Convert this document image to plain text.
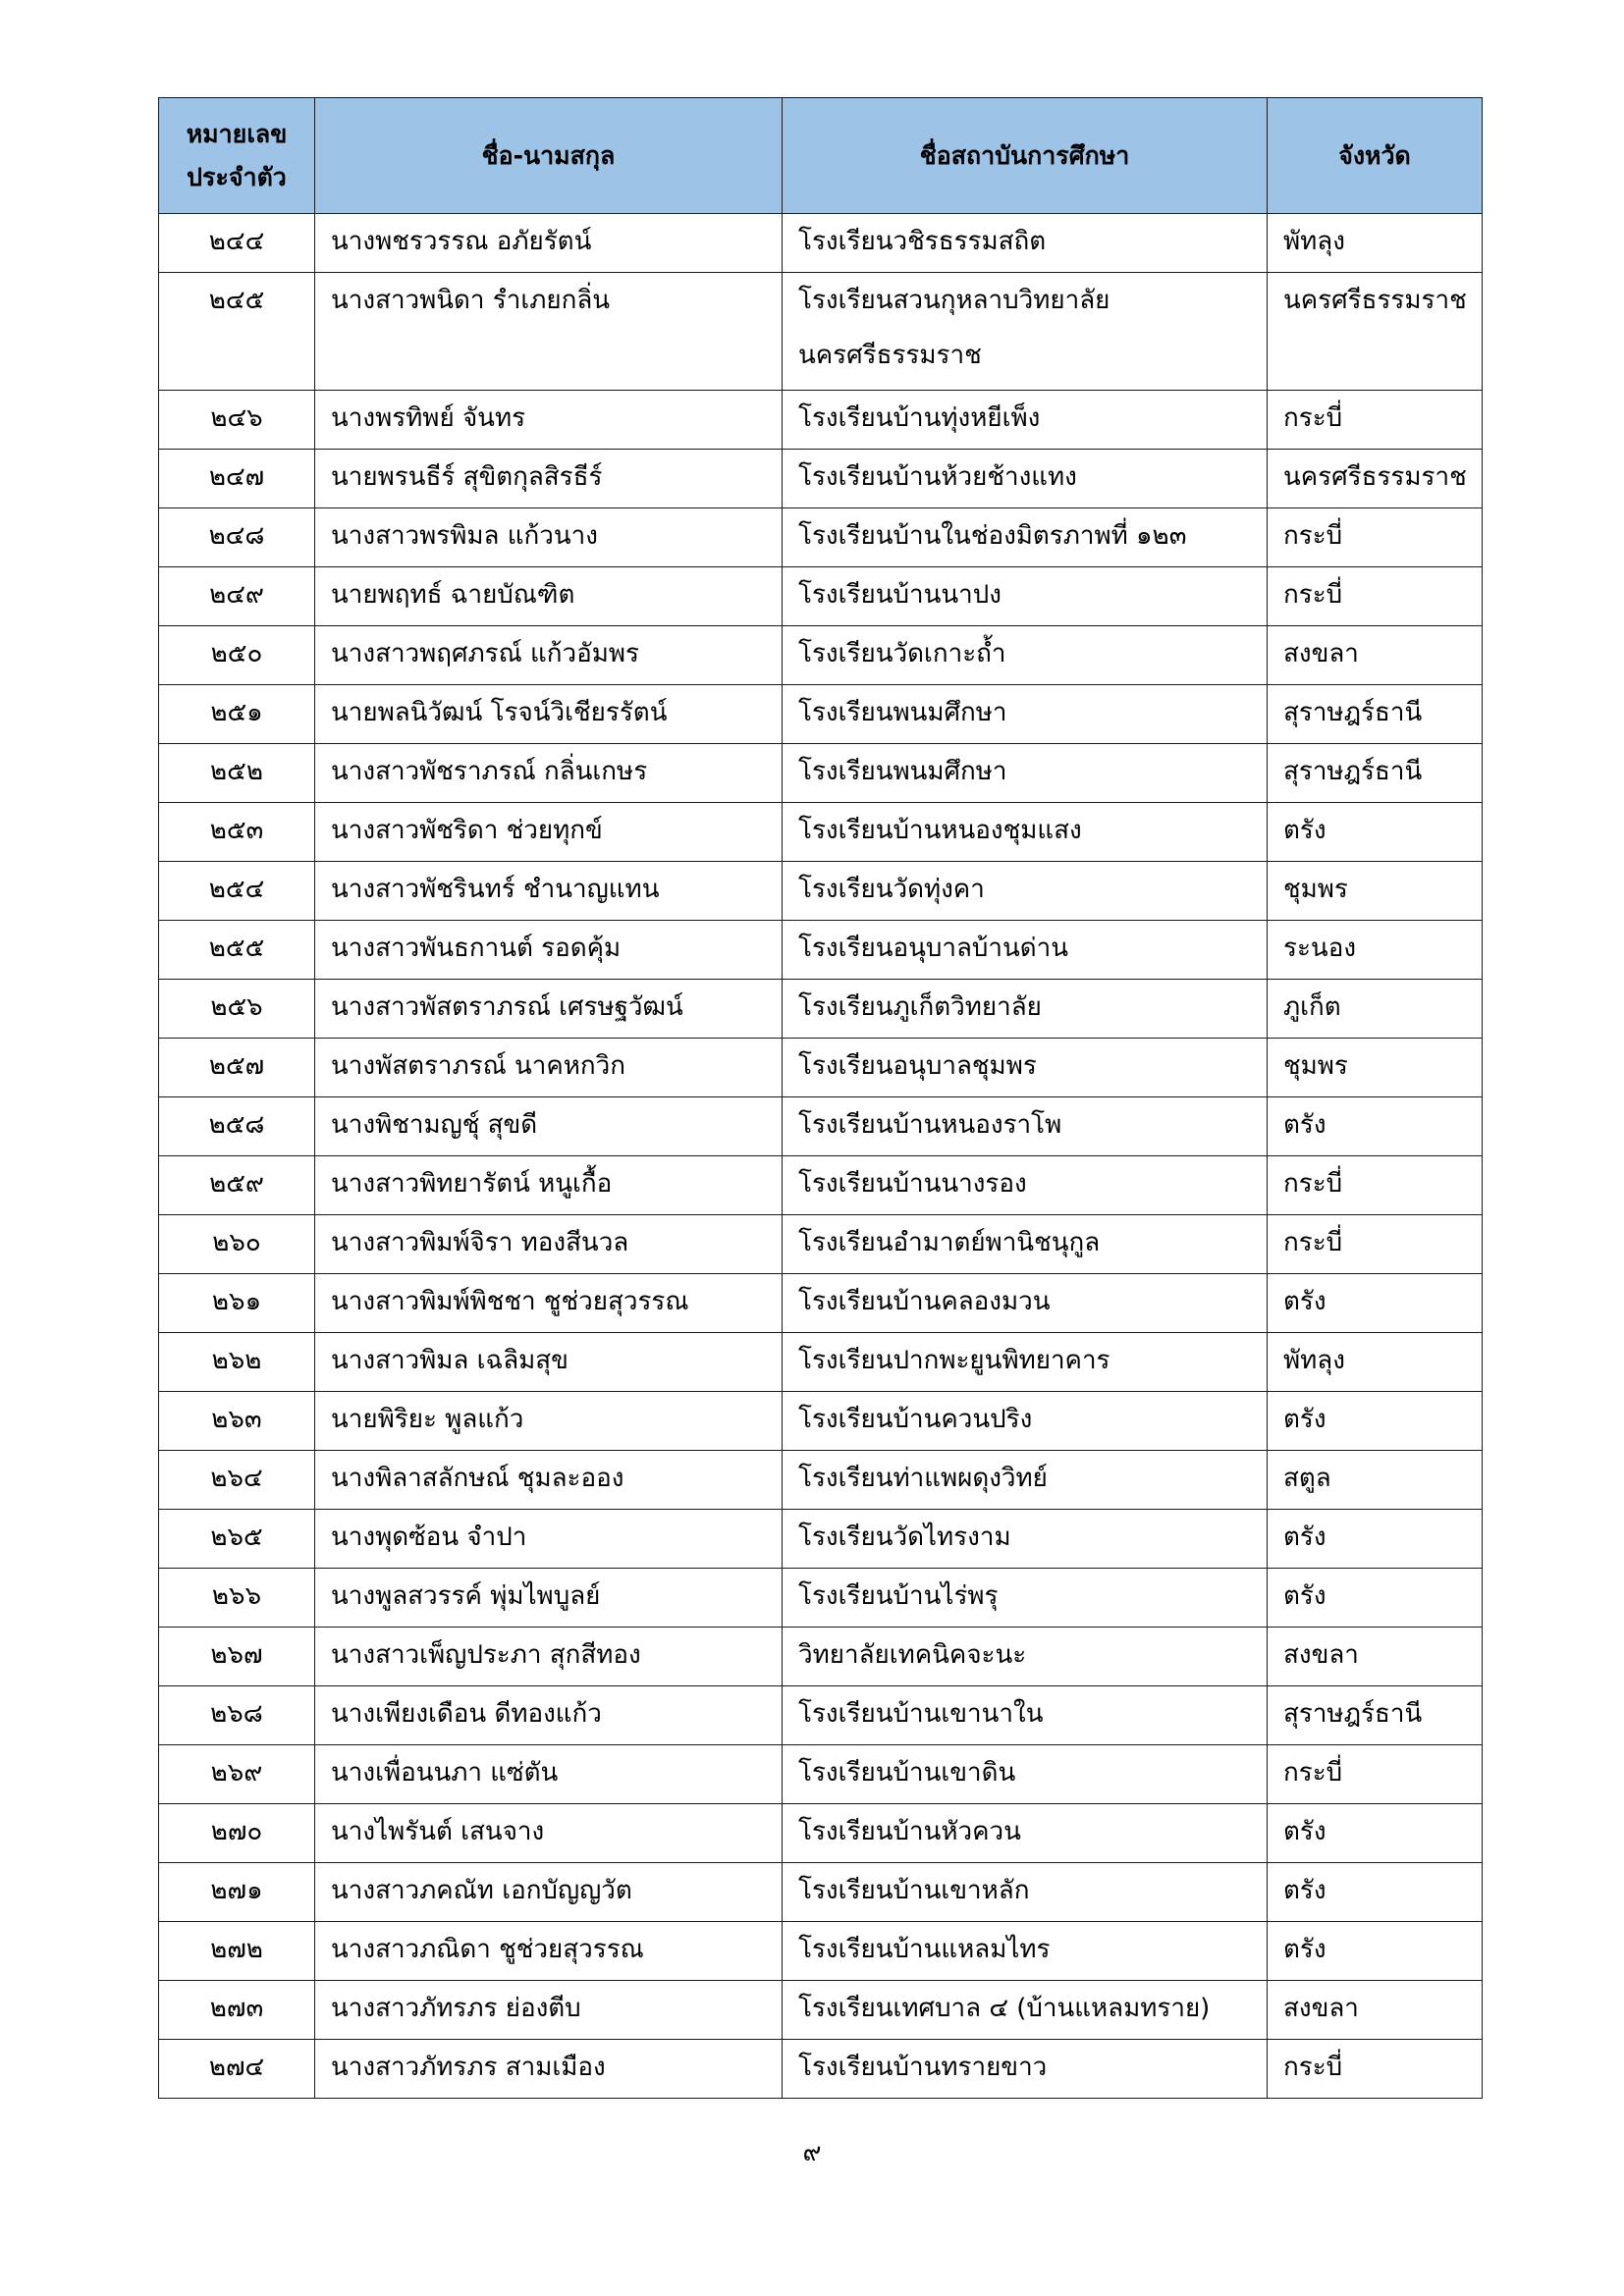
หมายเลข
ประจำตัว	ชื่อ-นามสกุล	ชื่อสถาบันการศึกษา	จังหวัด
๒๔๔	นางพชรวรรณ อภัยรัตน์	โรงเรียนวชิรธรรมสถิต	พัทลุง
๒๔๕	นางสาวพนิดา รำเภยกลิ่น	โรงเรียนสวนกุหลาบวิทยาลัย นครศรีธรรมราช	นครศรีธรรมราช
๒๔๖	นางพรทิพย์ จันทร	โรงเรียนบ้านทุ่งหยีเพ็ง	กระบี่
๒๔๗	นายพรนธีร์ สุขิตกุลสิรธีร์	โรงเรียนบ้านห้วยช้างแทง	นครศรีธรรมราช
๒๔๘	นางสาวพรพิมล แก้วนาง	โรงเรียนบ้านในช่องมิตรภาพที่ ๑๒๓	กระบี่
๒๔๙	นายพฤทธ์ ฉายบัณฑิต	โรงเรียนบ้านนาปง	กระบี่
๒๕๐	นางสาวพฤศภรณ์ แก้วอัมพร	โรงเรียนวัดเกาะถ้ำ	สงขลา
๒๕๑	นายพลนิวัฒน์ โรจน์วิเชียรรัตน์	โรงเรียนพนมศึกษา	สุราษฎร์ธานี
๒๕๒	นางสาวพัชราภรณ์ กลิ่นเกษร	โรงเรียนพนมศึกษา	สุราษฎร์ธานี
๒๕๓	นางสาวพัชริดา ช่วยทุกข์	โรงเรียนบ้านหนองชุมแสง	ตรัง
๒๕๔	นางสาวพัชรินทร์ ชำนาญแทน	โรงเรียนวัดทุ่งคา	ชุมพร
๒๕๕	นางสาวพันธกานต์ รอดคุ้ม	โรงเรียนอนุบาลบ้านด่าน	ระนอง
๒๕๖	นางสาวพัสตราภรณ์ เศรษฐวัฒน์	โรงเรียนภูเก็ตวิทยาลัย	ภูเก็ต
๒๕๗	นางพัสตราภรณ์ นาคหกวิก	โรงเรียนอนุบาลชุมพร	ชุมพร
๒๕๘	นางพิชามญชุ์ สุขดี	โรงเรียนบ้านหนองราโพ	ตรัง
๒๕๙	นางสาวพิทยารัตน์ หนูเกื้อ	โรงเรียนบ้านนางรอง	กระบี่
๒๖๐	นางสาวพิมพ์จิรา ทองสีนวล	โรงเรียนอำมาตย์พานิชนุกูล	กระบี่
๒๖๑	นางสาวพิมพ์พิชชา ชูช่วยสุวรรณ	โรงเรียนบ้านคลองมวน	ตรัง
๒๖๒	นางสาวพิมล เฉลิมสุข	โรงเรียนปากพะยูนพิทยาคาร	พัทลุง
๒๖๓	นายพิริยะ พูลแก้ว	โรงเรียนบ้านควนปริง	ตรัง
๒๖๔	นางพิลาสลักษณ์ ชุมละออง	โรงเรียนท่าแพผดุงวิทย์	สตูล
๒๖๕	นางพุดซ้อน จำปา	โรงเรียนวัดไทรงาม	ตรัง
๒๖๖	นางพูลสวรรค์ พุ่มไพบูลย์	โรงเรียนบ้านไร่พรุ	ตรัง
๒๖๗	นางสาวเพ็ญประภา สุกสีทอง	วิทยาลัยเทคนิคจะนะ	สงขลา
๒๖๘	นางเพียงเดือน ดีทองแก้ว	โรงเรียนบ้านเขานาใน	สุราษฎร์ธานี
๒๖๙	นางเพื่อนนภา แซ่ตัน	โรงเรียนบ้านเขาดิน	กระบี่
๒๗๐	นางไพรันต์ เสนจาง	โรงเรียนบ้านหัวควน	ตรัง
๒๗๑	นางสาวภคณัท เอกบัญญวัต	โรงเรียนบ้านเขาหลัก	ตรัง
๒๗๒	นางสาวภณิดา ชูช่วยสุวรรณ	โรงเรียนบ้านแหลมไทร	ตรัง
๒๗๓	นางสาวภัทรภร ย่องตีบ	โรงเรียนเทศบาล ๔ (บ้านแหลมทราย)	สงขลา
๒๗๔	นางสาวภัทรภร สามเมือง	โรงเรียนบ้านทรายขาว	กระบี่
๙
